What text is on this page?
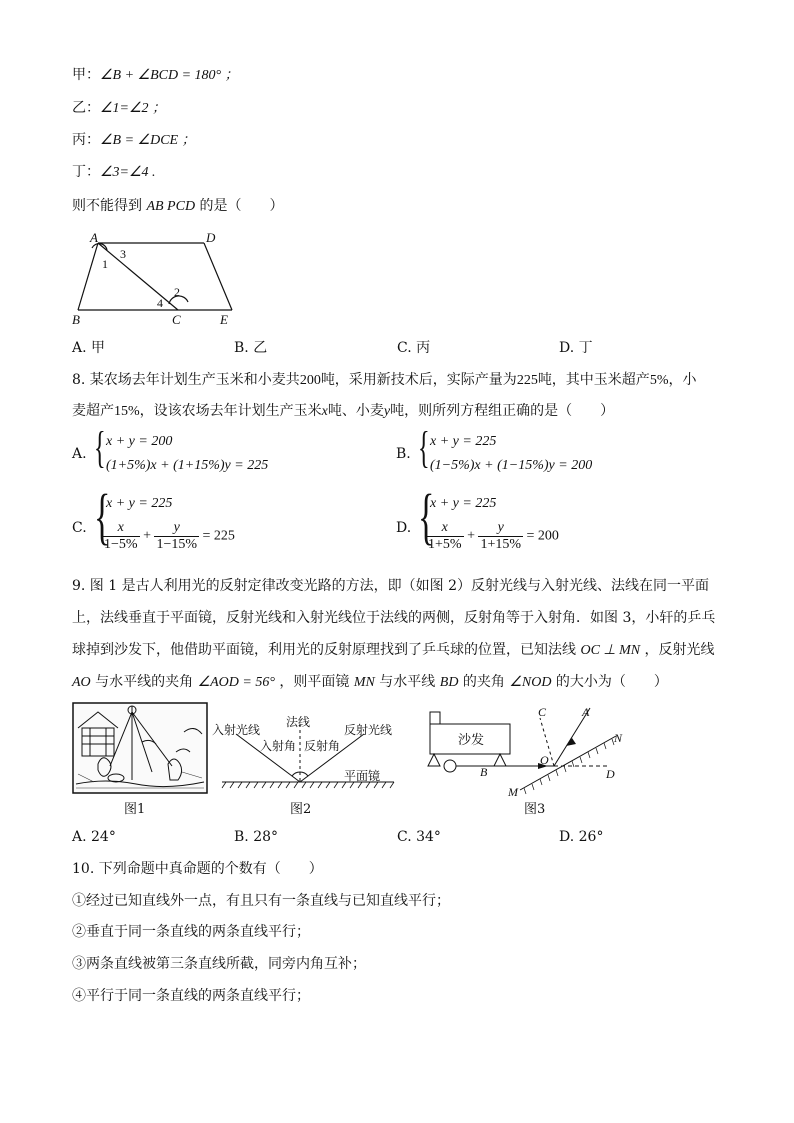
甲：∠B + ∠BCD = 180° ；
乙：∠1=∠2 ；
丙：∠B = ∠DCE ；
丁：∠3=∠4 .
则不能得到 AB PCD 的是（　　）
A	D
B	C	E
1
3
2
4
A. 甲	B. 乙	C. 丙	D. 丁
8. 某农场去年计划生产玉米和小麦共200吨，采用新技术后，实际产量为225吨，其中玉米超产5%，小
麦超产15%，设该农场去年计划生产玉米x吨、小麦y吨，则所列方程组正确的是（　　）
A. { x + y = 200
(1+5%)x + (1+15%)y = 225
B. { x + y = 225
(1−5%)x + (1−15%)y = 200
C. {
x + y = 225
$\frac{x}{1-5\%} + \frac{y}{1-15\%} = 225$
D. {
x + y = 225
$\frac{x}{1+5\%} + \frac{y}{1+15\%} = 200$
9. 图 1 是古人利用光的反射定律改变光路的方法，即（如图 2）反射光线与入射光线、法线在同一平面
上，法线垂直于平面镜，反射光线和入射光线位于法线的两侧，反射角等于入射角．如图 3，小轩的乒乓
球掉到沙发下，他借助平面镜，利用光的反射原理找到了乒乓球的位置，已知法线 OC ⊥ MN ，反射光线
AO 与水平线的夹角 ∠AOD = 56° ，则平面镜 MN 与水平线 BD 的夹角 ∠NOD 的大小为（　　）
图1
入射光线
法线
反射光线
入射角 反射角
平面镜
图2
沙发
C	A
N
O
B	D
M
图3
A. 24°	B. 28°	C. 34°	D. 26°
10. 下列命题中真命题的个数有（　　）
①经过已知直线外一点，有且只有一条直线与已知直线平行；
②垂直于同一条直线的两条直线平行；
③两条直线被第三条直线所截，同旁内角互补；
④平行于同一条直线的两条直线平行；
